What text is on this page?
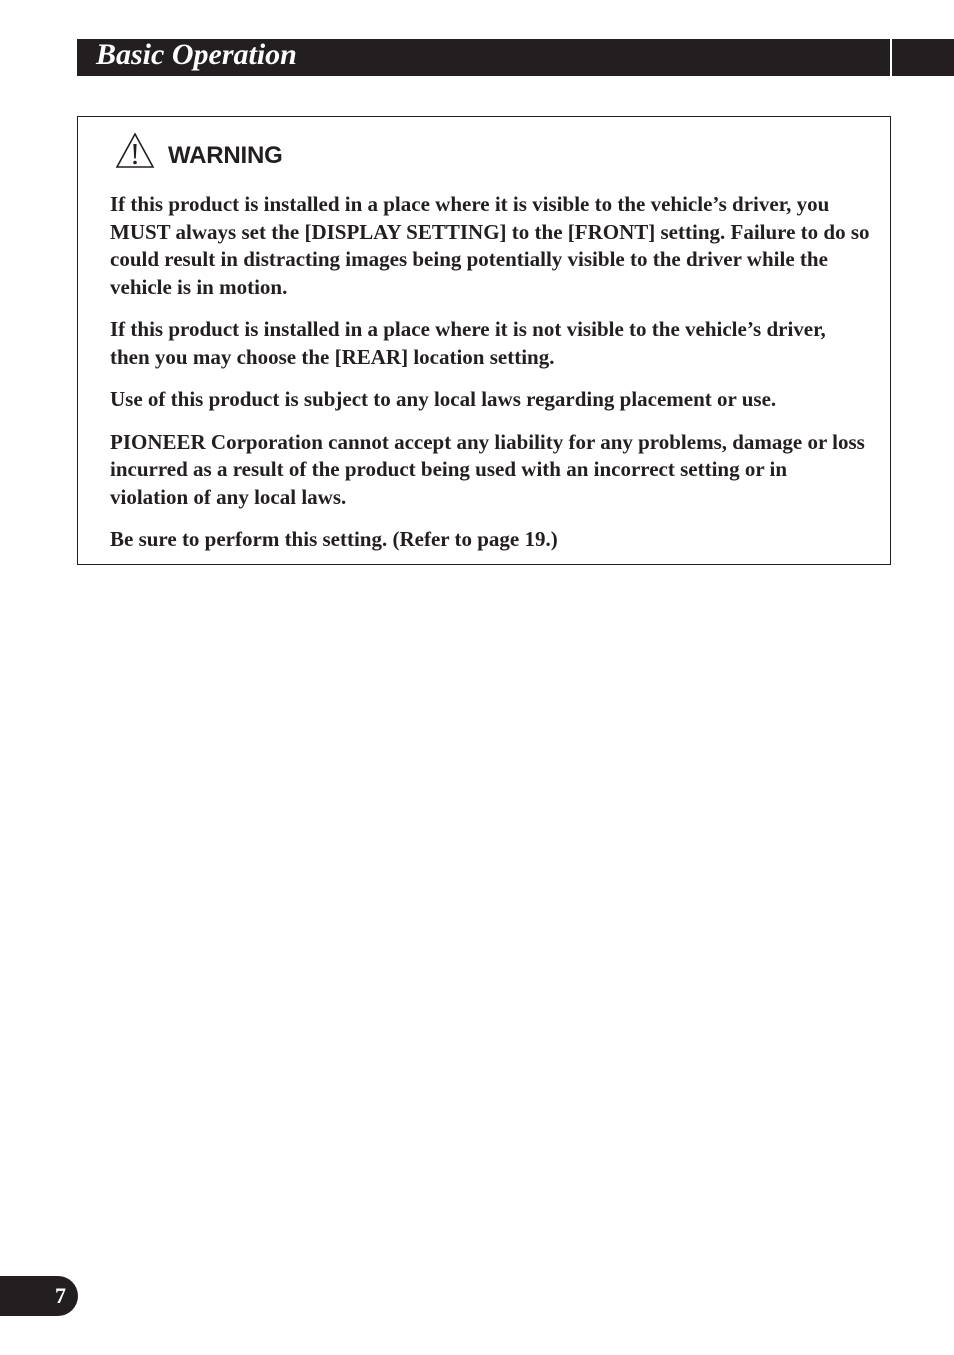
Basic Operation
WARNING

If this product is installed in a place where it is visible to the vehicle’s driver, you MUST always set the [DISPLAY SETTING] to the [FRONT] setting. Failure to do so could result in distracting images being potentially visible to the driver while the vehicle is in motion.

If this product is installed in a place where it is not visible to the vehicle’s driver, then you may choose the [REAR] location setting.

Use of this product is subject to any local laws regarding placement or use.

PIONEER Corporation cannot accept any liability for any problems, damage or loss incurred as a result of the product being used with an incorrect setting or in violation of any local laws.

Be sure to perform this setting. (Refer to page 19.)

7
